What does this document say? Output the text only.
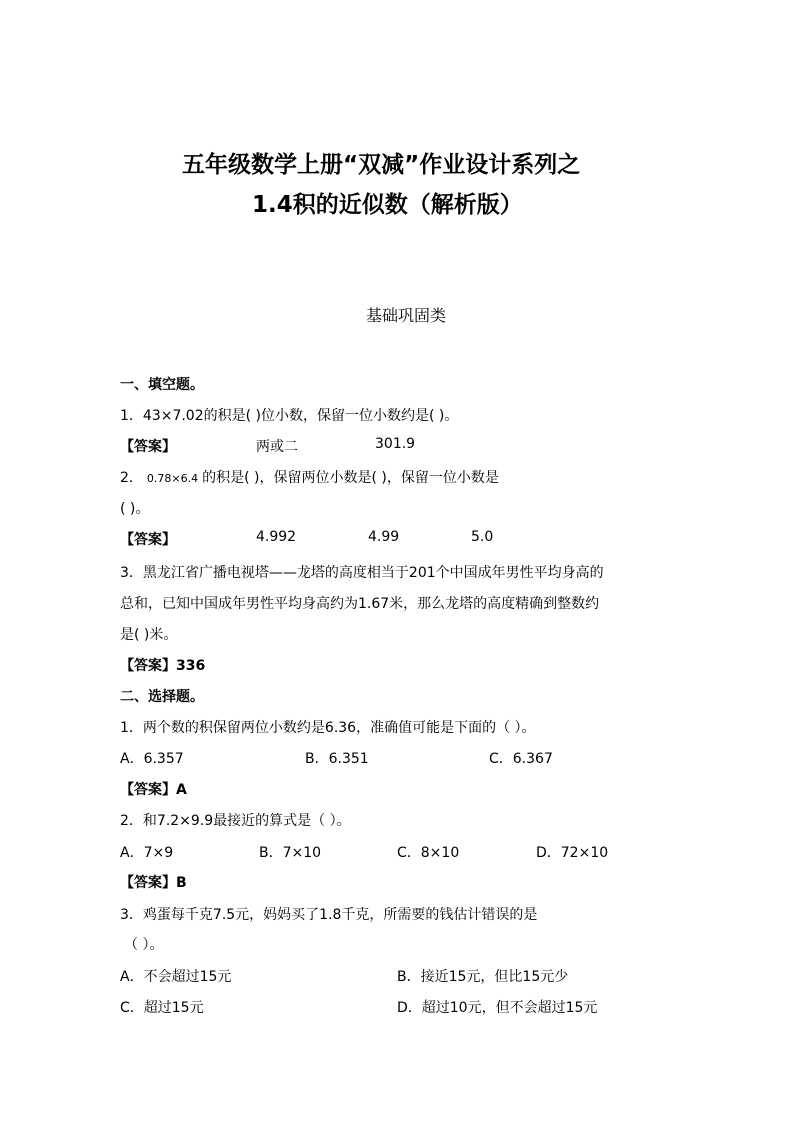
五年级数学上册“双减”作业设计系列之
1.4积的近似数（解析版）
基础巩固类
一、填空题。
1．43×7.02的积是( )位小数，保留一位小数约是( )。
【答案】	两或二	301.9
2． 0.78×6.4 的积是( )，保留两位小数是( )，保留一位小数是
( )。
【答案】	4.992	4.99	5.0
3．黑龙江省广播电视塔——龙塔的高度相当于201个中国成年男性平均身高的
总和，已知中国成年男性平均身高约为1.67米，那么龙塔的高度精确到整数约
是( )米。
【答案】336
二、选择题。
1．两个数的积保留两位小数约是6.36，准确值可能是下面的（ ）。
A．6.357	B．6.351	C．6.367
【答案】A
2．和7.2×9.9最接近的算式是（ ）。
A．7×9	B．7×10	C．8×10	D．72×10
【答案】B
3．鸡蛋每千克7.5元，妈妈买了1.8千克，所需要的钱估计错误的是
（ ）。
A．不会超过15元	B．接近15元，但比15元少
C．超过15元	D．超过10元，但不会超过15元
